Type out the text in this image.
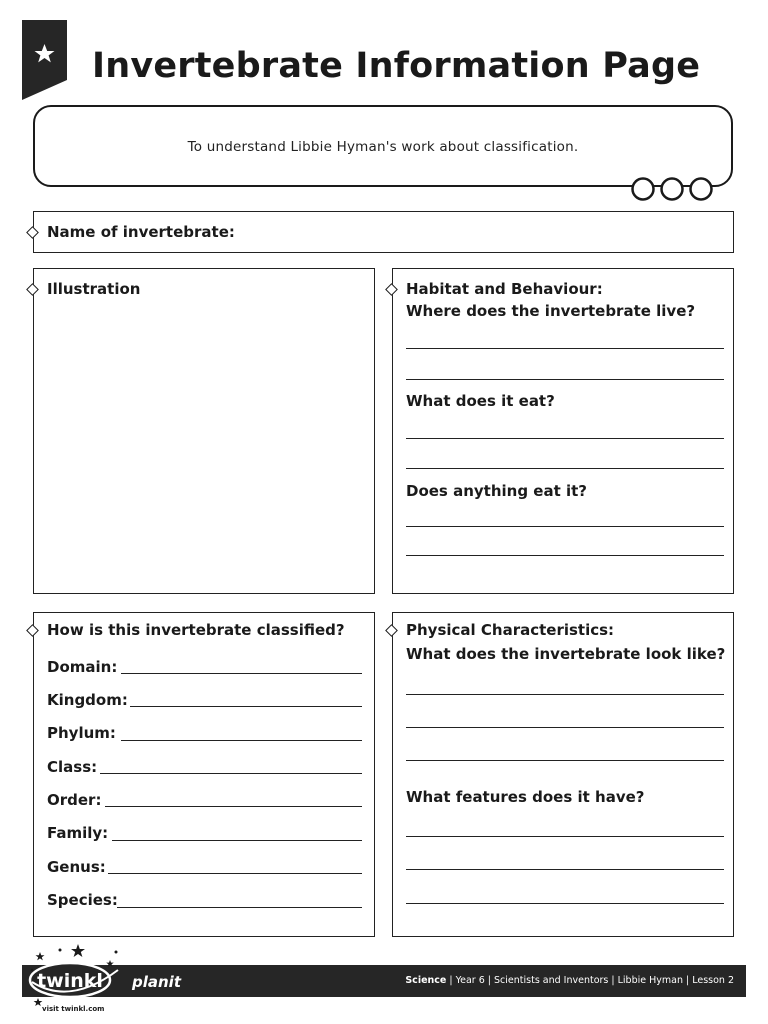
Invertebrate Information Page
To understand Libbie Hyman's work about classification.
Name of invertebrate:
Illustration	Habitat and Behaviour:
Where does the invertebrate live?
What does it eat?
Does anything eat it?
How is this invertebrate classified?
Domain:
Kingdom:
Phylum:
Class:
Order:
Family:
Genus:
Species:
Physical Characteristics:
What does the invertebrate look like?
What features does it have?
twinkl planit
visit twinkl.com
Science | Year 6 | Scientists and Inventors | Libbie Hyman | Lesson 2
